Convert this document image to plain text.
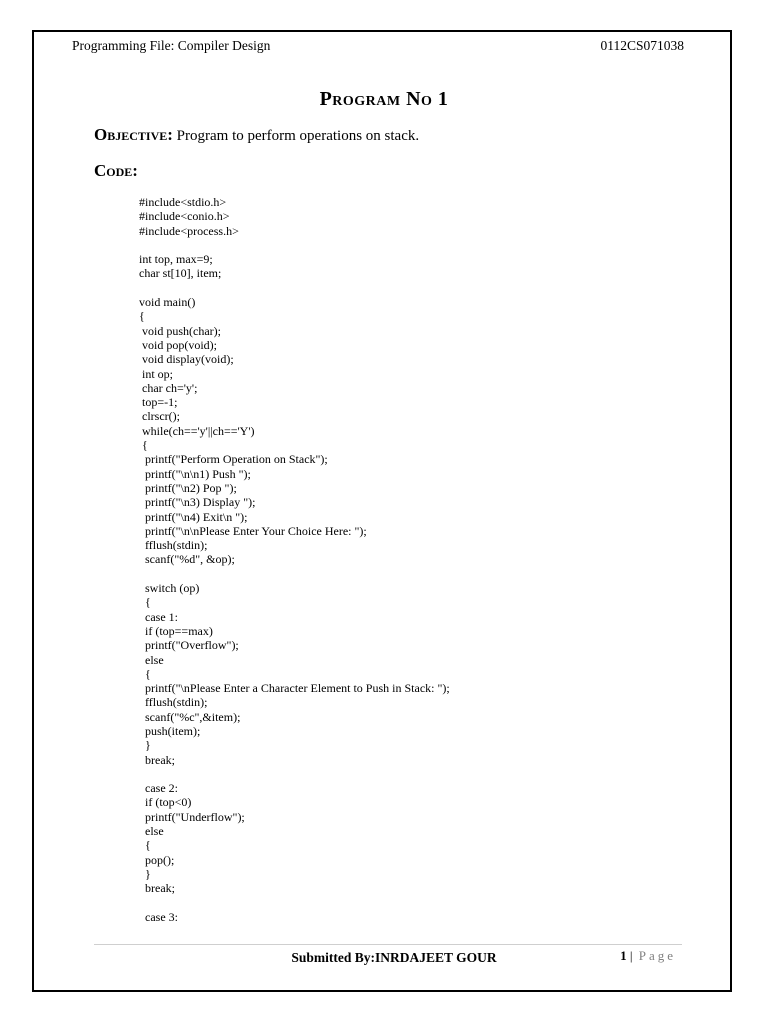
Programming File: Compiler Design	0112CS071038
Program No 1
Objective: Program to perform operations on stack.
Code:
#include<stdio.h>
#include<conio.h>
#include<process.h>
int top, max=9;
char st[10], item;
void main()
{
void push(char);
void pop(void);
void display(void);
int op;
char ch='y';
top=-1;
clrscr();
while(ch=='y'||ch=='Y')
{
printf("Perform Operation on Stack");
printf("\n\n1) Push ");
printf("\n2) Pop ");
printf("\n3) Display ");
printf("\n4) Exit\n ");
printf("\n\nPlease Enter Your Choice Here: ");
fflush(stdin);
scanf("%d", &op);
switch (op)
{
case 1:
if (top==max)
printf("Overflow");
else
{
printf("\nPlease Enter a Character Element to Push in Stack: ");
fflush(stdin);
scanf("%c",&item);
push(item);
}
break;
case 2:
if (top<0)
printf("Underflow");
else
{
pop();
}
break;
case 3:
Submitted By:INRDAJEET GOUR	1 | Page
